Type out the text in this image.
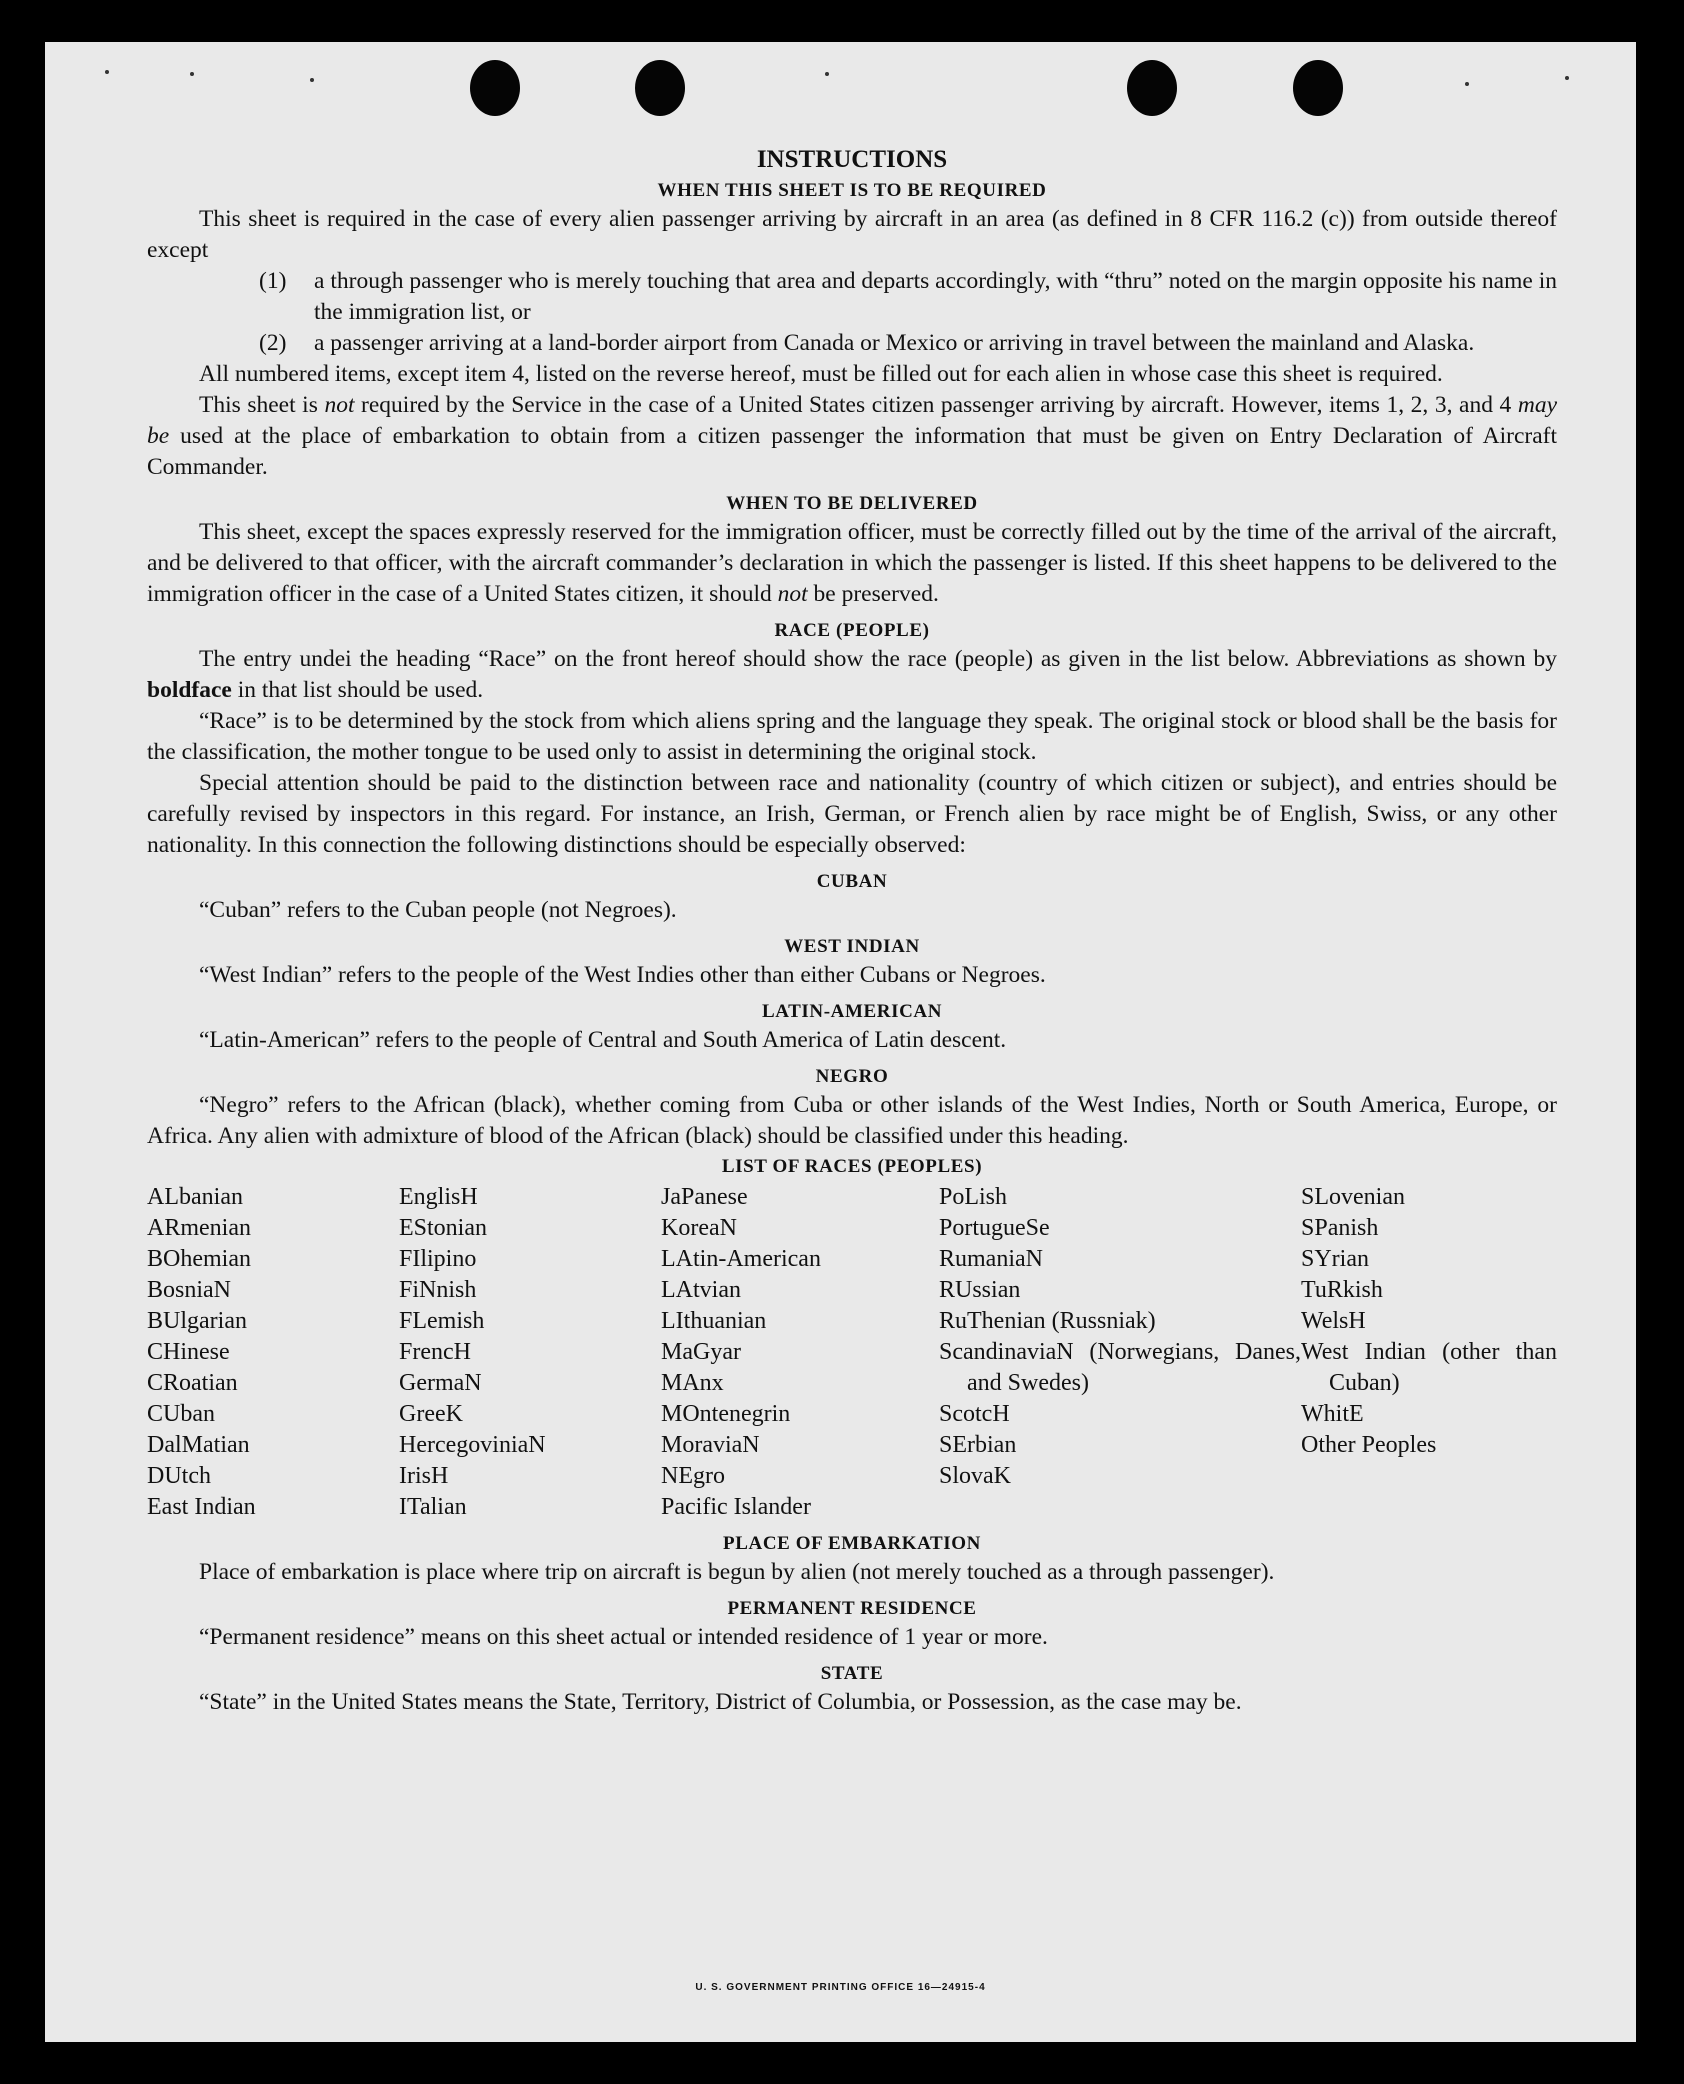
INSTRUCTIONS
WHEN THIS SHEET IS TO BE REQUIRED

This sheet is required in the case of every alien passenger arriving by aircraft in an area (as defined in 8 CFR 116.2 (c)) from outside thereof except

(1)	a through passenger who is merely touching that area and departs accordingly, with “thru” noted on the margin opposite his name in the immigration list, or
(2)	a passenger arriving at a land-border airport from Canada or Mexico or arriving in travel between the mainland and Alaska.

All numbered items, except item 4, listed on the reverse hereof, must be filled out for each alien in whose case this sheet is required.

This sheet is not required by the Service in the case of a United States citizen passenger arriving by aircraft. However, items 1, 2, 3, and 4 may be used at the place of embarkation to obtain from a citizen passenger the information that must be given on Entry Declaration of Aircraft Commander.

WHEN TO BE DELIVERED

This sheet, except the spaces expressly reserved for the immigration officer, must be correctly filled out by the time of the arrival of the aircraft, and be delivered to that officer, with the aircraft commander’s declaration in which the passenger is listed. If this sheet happens to be delivered to the immigration officer in the case of a United States citizen, it should not be preserved.

RACE (PEOPLE)

The entry undei the heading “Race” on the front hereof should show the race (people) as given in the list below. Abbreviations as shown by boldface in that list should be used.

“Race” is to be determined by the stock from which aliens spring and the language they speak. The original stock or blood shall be the basis for the classification, the mother tongue to be used only to assist in determining the original stock.

Special attention should be paid to the distinction between race and nationality (country of which citizen or subject), and entries should be carefully revised by inspectors in this regard. For instance, an Irish, German, or French alien by race might be of English, Swiss, or any other nationality. In this connection the following distinctions should be especially observed:

CUBAN

“Cuban” refers to the Cuban people (not Negroes).

WEST INDIAN

“West Indian” refers to the people of the West Indies other than either Cubans or Negroes.

LATIN-AMERICAN

“Latin-American” refers to the people of Central and South America of Latin descent.

NEGRO

“Negro” refers to the African (black), whether coming from Cuba or other islands of the West Indies, North or South America, Europe, or Africa. Any alien with admixture of blood of the African (black) should be classified under this heading.

LIST OF RACES (PEOPLES)
ALbanian
ARmenian
BOhemian
BosniaN
BUlgarian
CHinese
CRoatian
CUban
DalMatian
DUtch
East Indian
EnglisH
EStonian
FIlipino
FiNnish
FLemish
FrencH
GermaN
GreeK
HercegoviniaN
IrisH
ITalian
JaPanese
KoreaN
LAtin-American
LAtvian
LIthuanian
MaGyar
MAnx
MOntenegrin
MoraviaN
NEgro
Pacific Islander
PoLish
PortugueSe
RumaniaN
RUssian
RuThenian (Russniak)
ScandinaviaN (Norwegians, Danes, and Swedes)
ScotcH
SErbian
SlovaK
SLovenian
SPanish
SYrian
TuRkish
WelsH
West Indian (other than Cuban)
WhitE
Other Peoples
PLACE OF EMBARKATION

Place of embarkation is place where trip on aircraft is begun by alien (not merely touched as a through passenger).

PERMANENT RESIDENCE

“Permanent residence” means on this sheet actual or intended residence of 1 year or more.

STATE

“State” in the United States means the State, Territory, District of Columbia, or Possession, as the case may be.

U. S. GOVERNMENT PRINTING OFFICE 16—24915-4
